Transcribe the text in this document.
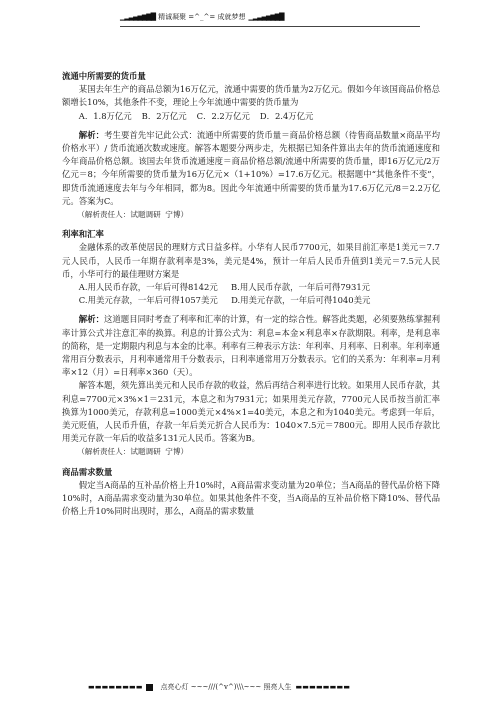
▁▂▃▄▅▆▇█ 精诚凝聚 =^_^= 成就梦想 ▁▂▃▄▅▆▇█

流通中所需要的货币量

某国去年生产的商品总额为16万亿元，流通中需要的货币量为2万亿元。假如今年该国商品价格总额增长10%，其他条件不变，理论上今年流通中需要的货币量为

A．1.8万亿元 B．2万亿元 C．2.2万亿元 D．2.4万亿元

解析：考生要首先牢记此公式：流通中所需要的货币量＝商品价格总额（待售商品数量×商品平均价格水平）/ 货币流通次数或速度。解答本题要分两步走，先根据已知条件算出去年的货币流通速度和今年商品价格总额。该国去年货币流通速度＝商品价格总额/流通中所需要的货币量，即16万亿元/2万亿元＝8；今年所需要的货币量为16万亿元×（1+10%）=17.6万亿元。根据题中“其他条件不变”，即货币流通速度去年与今年相同，都为8。因此今年流通中所需要的货币量为17.6万亿元/8＝2.2万亿元。答案为C。

（解析责任人：试题调研 宁博）

利率和汇率

金融体系的改革使居民的理财方式日益多样。小华有人民币7700元，如果目前汇率是1美元＝7.7元人民币，人民币一年期存款利率是3%，美元是4%，预计一年后人民币升值到1美元＝7.5元人民币，小华可行的最佳理财方案是

A.用人民币存款，一年后可得8142元 B.用人民币存款，一年后可得7931元

C.用美元存款，一年后可得1057美元 D.用美元存款，一年后可得1040美元

解析：这道题目同时考查了利率和汇率的计算，有一定的综合性。解答此类题，必须要熟练掌握利率计算公式并注意汇率的换算。利息的计算公式为：利息=本金×利息率×存款期限。利率，是利息率的简称，是一定期限内利息与本金的比率。利率有三种表示方法：年利率、月利率、日利率。年利率通常用百分数表示，月利率通常用千分数表示，日利率通常用万分数表示。它们的关系为：年利率=月利率×12（月）=日利率×360（天）。

解答本题，须先算出美元和人民币存款的收益，然后再结合利率进行比较。如果用人民币存款，其利息=7700元×3%×1＝231元，本息之和为7931元；如果用美元存款，7700元人民币按当前汇率换算为1000美元，存款利息=1000美元×4%×1=40美元，本息之和为1040美元。考虑到一年后，美元贬值，人民币升值，存款一年后美元折合人民币为：1040×7.5元＝7800元。即用人民币存款比用美元存款一年后的收益多131元人民币。答案为B。

（解析责任人：试题调研 宁博）

商品需求数量

假定当A商品的互补品价格上升10%时，A商品需求变动量为20单位；当A商品的替代品价格下降10%时，A商品需求变动量为30单位。如果其他条件不变，当A商品的互补品价格下降10%、替代品价格上升10%同时出现时，那么，A商品的需求数量

▬ ▬ ▬ ▬ ▬ ▬ ▬ ▬	点亮心灯 ~~~///(^v^)\\\~~~ 照亮人生 ▬ ▬ ▬ ▬ ▬ ▬ ▬ ▬
